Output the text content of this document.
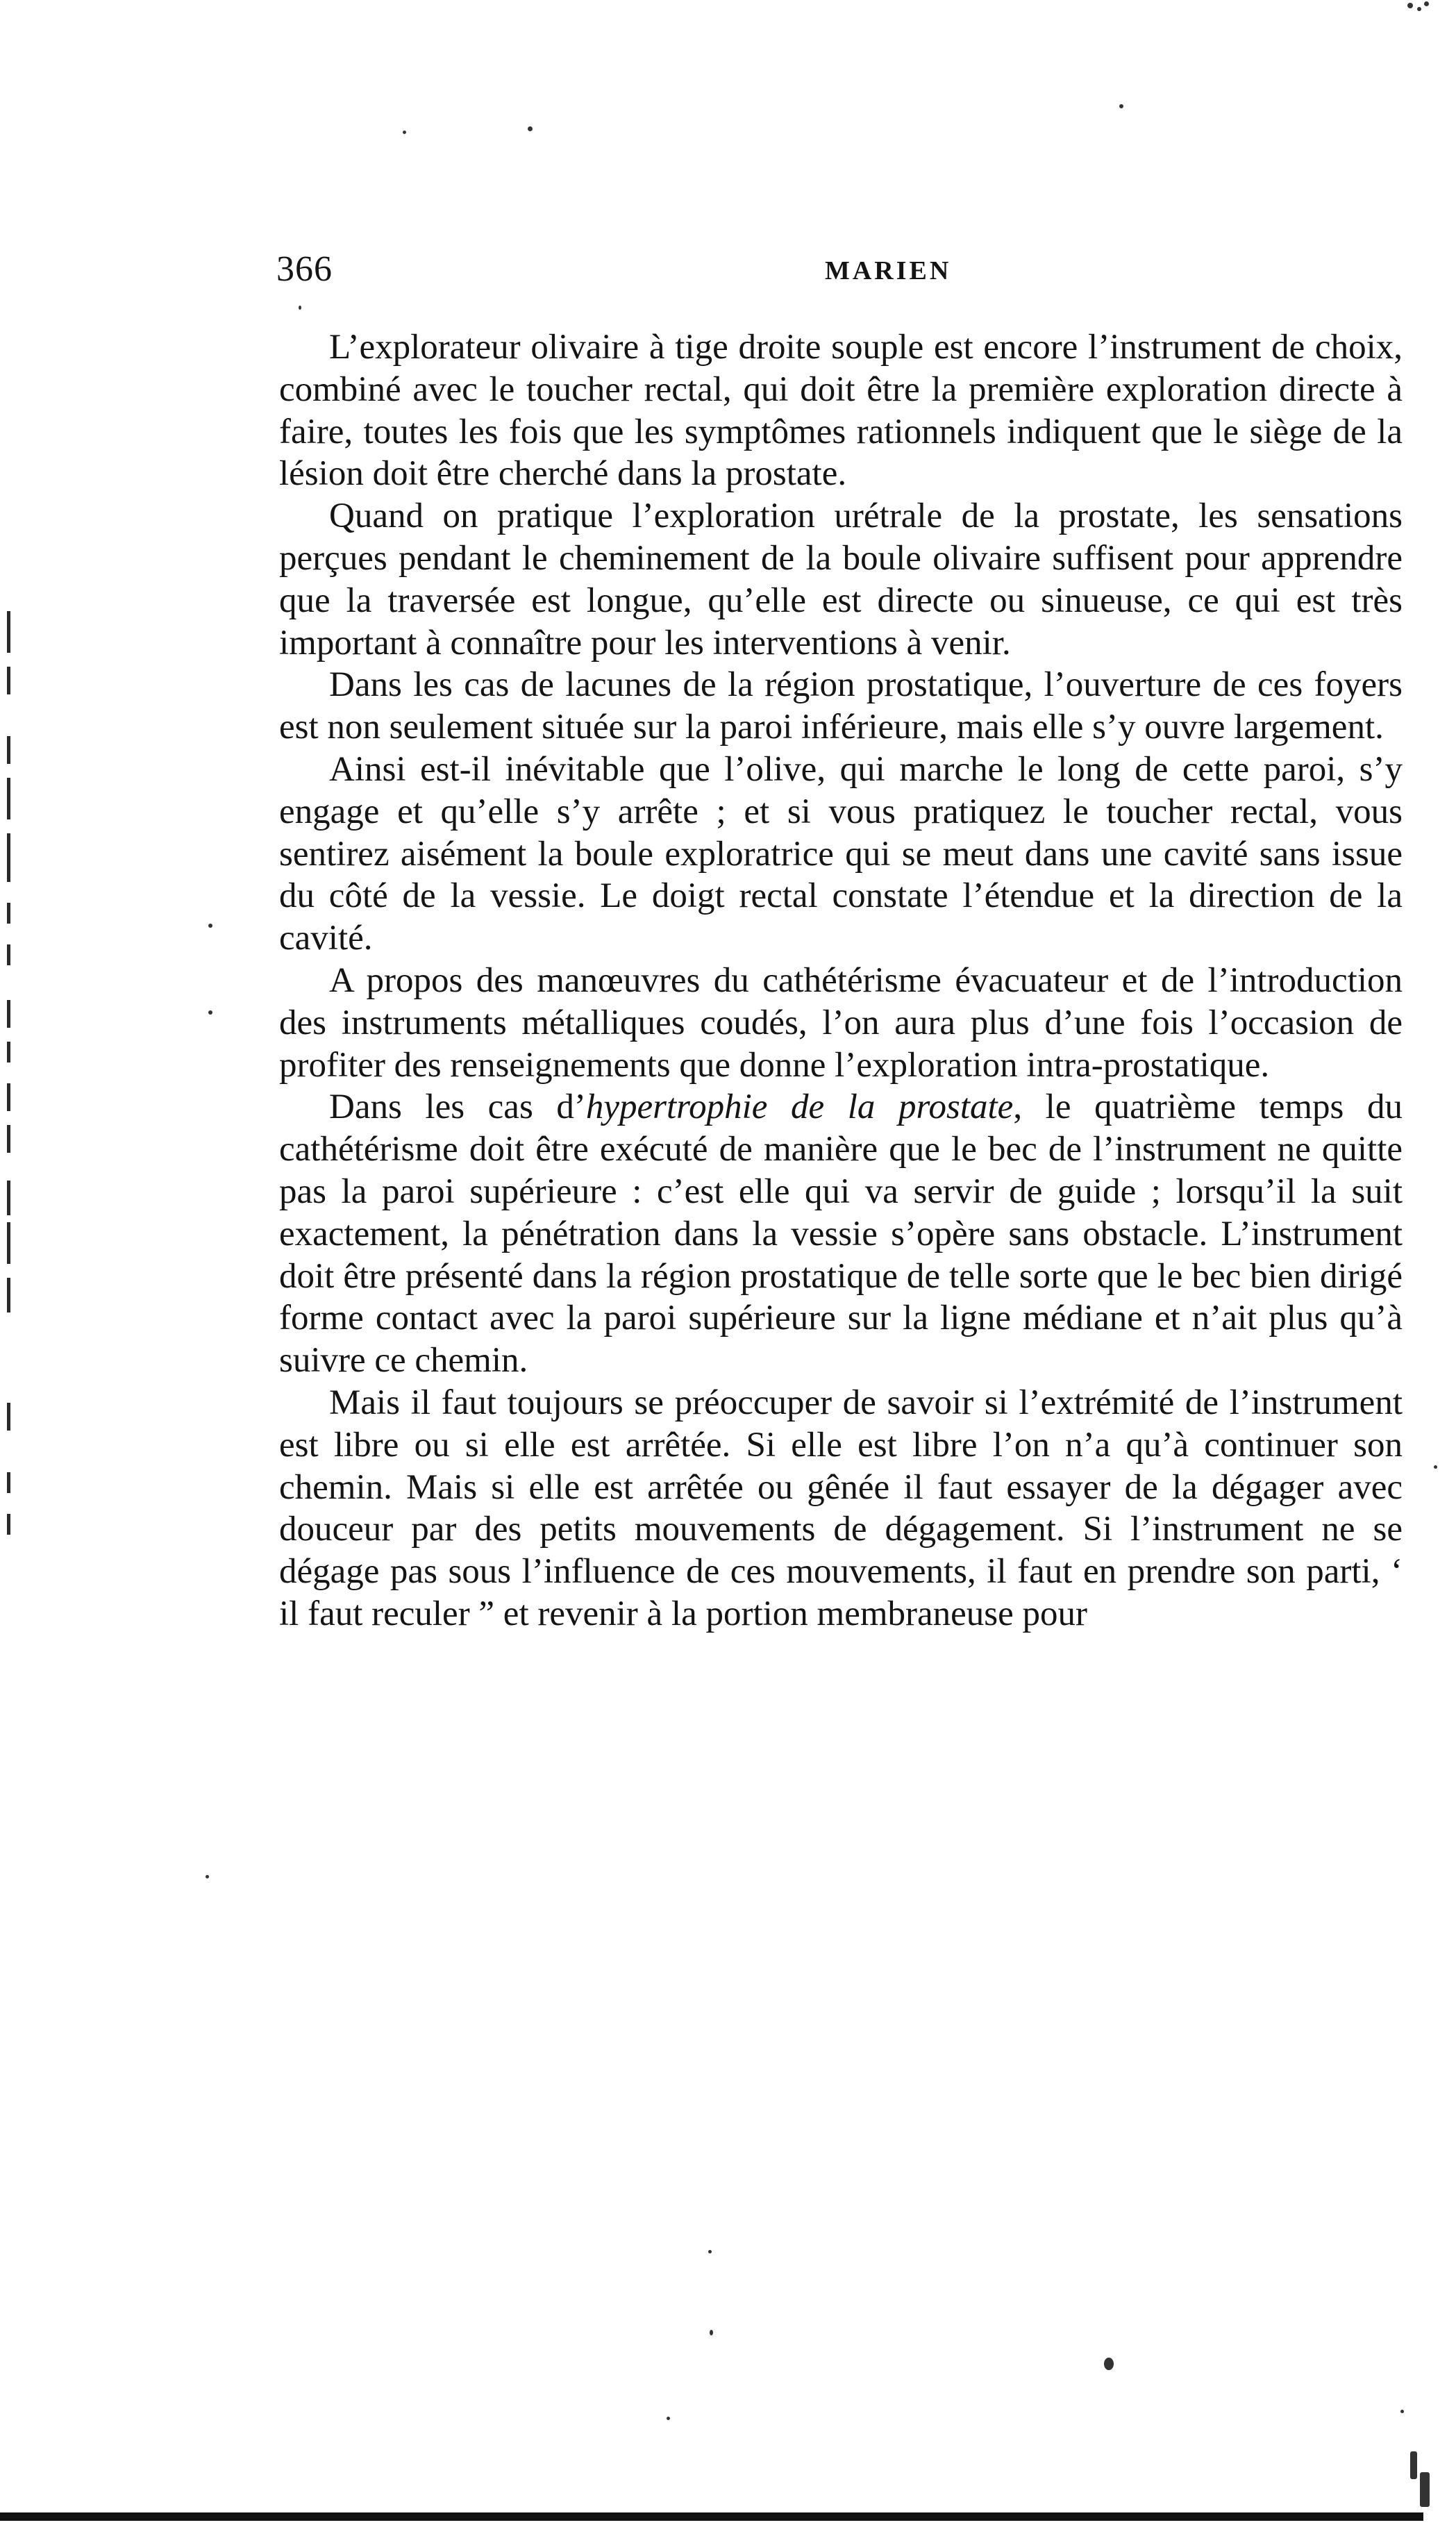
366	MARIEN

L’explorateur olivaire à tige droite souple est encore l’instrument de choix, combiné avec le toucher rectal, qui doit être la première exploration directe à faire, toutes les fois que les symptômes rationnels indiquent que le siège de la lésion doit être cherché dans la prostate.

Quand on pratique l’exploration urétrale de la prostate, les sensations perçues pendant le cheminement de la boule olivaire suffisent pour apprendre que la traversée est longue, qu’elle est directe ou sinueuse, ce qui est très important à connaître pour les interventions à venir.

Dans les cas de lacunes de la région prostatique, l’ouverture de ces foyers est non seulement située sur la paroi inférieure, mais elle s’y ouvre largement.

Ainsi est-il inévitable que l’olive, qui marche le long de cette paroi, s’y engage et qu’elle s’y arrête ; et si vous pratiquez le toucher rectal, vous sentirez aisément la boule exploratrice qui se meut dans une cavité sans issue du côté de la vessie. Le doigt rectal constate l’étendue et la direction de la cavité.

A propos des manœuvres du cathétérisme évacuateur et de l’introduction des instruments métalliques coudés, l’on aura plus d’une fois l’occasion de profiter des renseignements que donne l’exploration intra-prostatique.

Dans les cas d’hypertrophie de la prostate, le quatrième temps du cathétérisme doit être exécuté de manière que le bec de l’instrument ne quitte pas la paroi supérieure : c’est elle qui va servir de guide ; lorsqu’il la suit exactement, la pénétration dans la vessie s’opère sans obstacle. L’instrument doit être présenté dans la région prostatique de telle sorte que le bec bien dirigé forme contact avec la paroi supérieure sur la ligne médiane et n’ait plus qu’à suivre ce chemin.

Mais il faut toujours se préoccuper de savoir si l’extrémité de l’instrument est libre ou si elle est arrêtée. Si elle est libre l’on n’a qu’à continuer son chemin. Mais si elle est arrêtée ou gênée il faut essayer de la dégager avec douceur par des petits mouvements de dégagement. Si l’instrument ne se dégage pas sous l’influence de ces mouvements, il faut en prendre son parti, ‘ il faut reculer ” et revenir à la portion membraneuse pour
